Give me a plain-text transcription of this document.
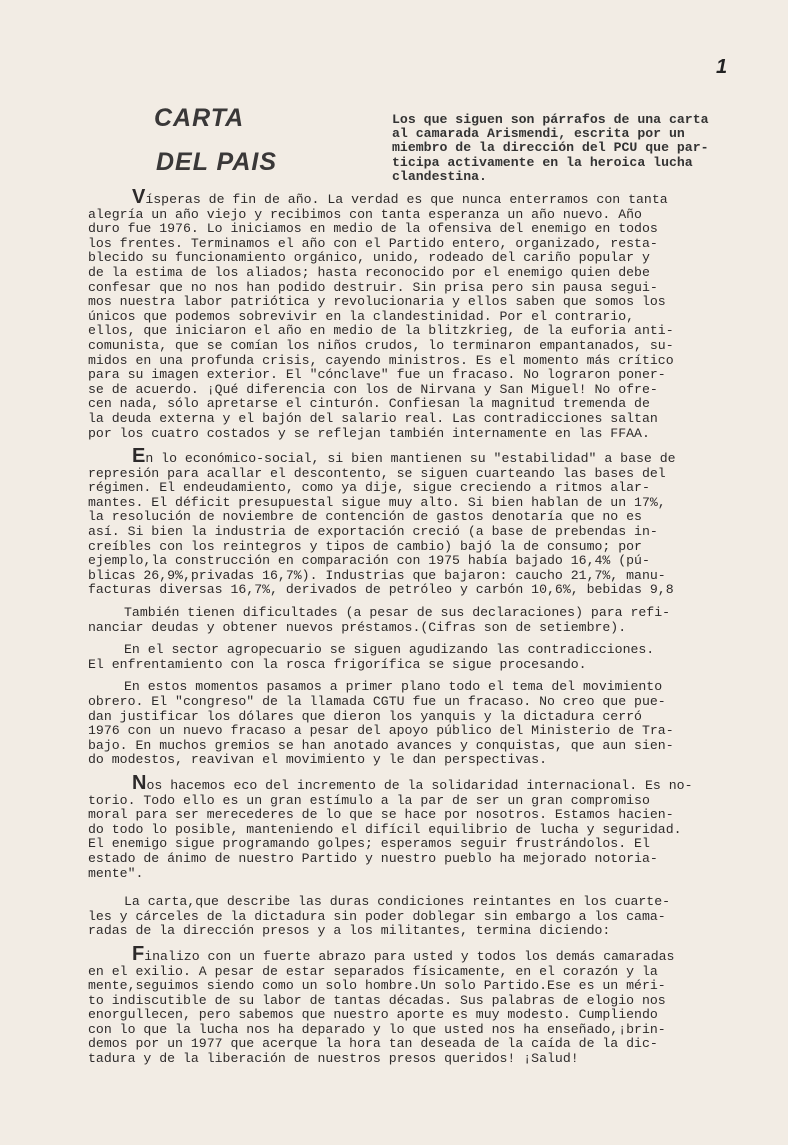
1
CARTA
DEL PAIS
Los que siguen son párrafos de una carta
al camarada Arismendi, escrita por un
miembro de la dirección del PCU que par-
ticipa activamente en la heroica lucha
clandestina.
Vísperas de fin de año. La verdad es que nunca enterramos con tanta
alegría un año viejo y recibimos con tanta esperanza un año nuevo. Año
duro fue 1976. Lo iniciamos en medio de la ofensiva del enemigo en todos
los frentes. Terminamos el año con el Partido entero, organizado, resta-
blecido su funcionamiento orgánico, unido, rodeado del cariño popular y
de la estima de los aliados; hasta reconocido por el enemigo quien debe
confesar que no nos han podido destruir. Sin prisa pero sin pausa segui-
mos nuestra labor patriótica y revolucionaria y ellos saben que somos los
únicos que podemos sobrevivir en la clandestinidad. Por el contrario,
ellos, que iniciaron el año en medio de la blitzkrieg, de la euforia anti-
comunista, que se comían los niños crudos, lo terminaron empantanados, su-
midos en una profunda crisis, cayendo ministros. Es el momento más crítico
para su imagen exterior. El "cónclave" fue un fracaso. No lograron poner-
se de acuerdo. ¡Qué diferencia con los de Nirvana y San Miguel! No ofre-
cen nada, sólo apretarse el cinturón. Confiesan la magnitud tremenda de
la deuda externa y el bajón del salario real. Las contradicciones saltan
por los cuatro costados y se reflejan también internamente en las FFAA.
En lo económico-social, si bien mantienen su "estabilidad" a base de
represión para acallar el descontento, se siguen cuarteando las bases del
régimen. El endeudamiento, como ya dije, sigue creciendo a ritmos alar-
mantes. El déficit presupuestal sigue muy alto. Si bien hablan de un 17%,
la resolución de noviembre de contención de gastos denotaría que no es
así. Si bien la industria de exportación creció (a base de prebendas in-
creíbles con los reintegros y tipos de cambio) bajó la de consumo; por
ejemplo,la construcción en comparación con 1975 había bajado 16,4% (pú-
blicas 26,9%,privadas 16,7%). Industrias que bajaron: caucho 21,7%, manu-
facturas diversas 16,7%, derivados de petróleo y carbón 10,6%, bebidas 9,8
También tienen dificultades (a pesar de sus declaraciones) para refi-
nanciar deudas y obtener nuevos préstamos.(Cifras son de setiembre).
En el sector agropecuario se siguen agudizando las contradicciones.
El enfrentamiento con la rosca frigorífica se sigue procesando.
En estos momentos pasamos a primer plano todo el tema del movimiento
obrero. El "congreso" de la llamada CGTU fue un fracaso. No creo que pue-
dan justificar los dólares que dieron los yanquis y la dictadura cerró
1976 con un nuevo fracaso a pesar del apoyo público del Ministerio de Tra-
bajo. En muchos gremios se han anotado avances y conquistas, que aun sien-
do modestos, reavivan el movimiento y le dan perspectivas.
Nos hacemos eco del incremento de la solidaridad internacional. Es no-
torio. Todo ello es un gran estímulo a la par de ser un gran compromiso
moral para ser merecederes de lo que se hace por nosotros. Estamos hacien-
do todo lo posible, manteniendo el difícil equilibrio de lucha y seguridad.
El enemigo sigue programando golpes; esperamos seguir frustrándolos. El
estado de ánimo de nuestro Partido y nuestro pueblo ha mejorado notoria-
mente".
La carta,que describe las duras condiciones reintantes en los cuarte-
les y cárceles de la dictadura sin poder doblegar sin embargo a los cama-
radas de la dirección presos y a los militantes, termina diciendo:
Finalizo con un fuerte abrazo para usted y todos los demás camaradas
en el exilio. A pesar de estar separados físicamente, en el corazón y la
mente,seguimos siendo como un solo hombre.Un solo Partido.Ese es un méri-
to indiscutible de su labor de tantas décadas. Sus palabras de elogio nos
enorgullecen, pero sabemos que nuestro aporte es muy modesto. Cumpliendo
con lo que la lucha nos ha deparado y lo que usted nos ha enseñado,¡brin-
demos por un 1977 que acerque la hora tan deseada de la caída de la dic-
tadura y de la liberación de nuestros presos queridos! ¡Salud!
